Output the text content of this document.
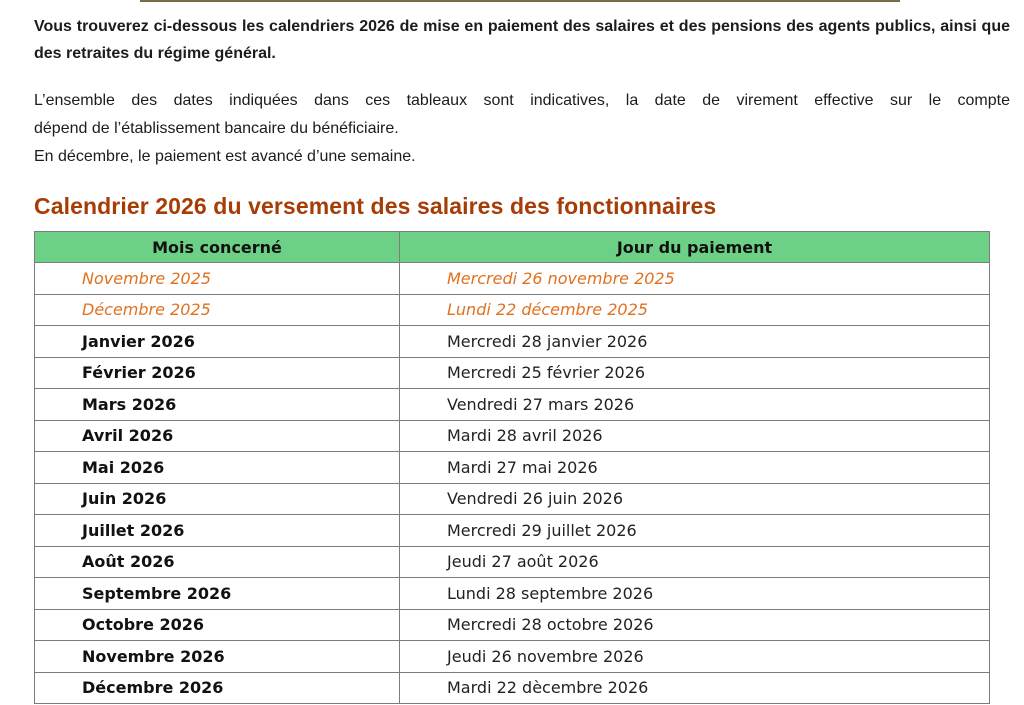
Vous trouverez ci-dessous les calendriers 2026 de mise en paiement des salaires et des pensions des agents publics, ainsi que des retraites du régime général.

L’ensemble des dates indiquées dans ces tableaux sont indicatives, la date de virement effective sur le compte
dépend de l’établissement bancaire du bénéficiaire.
En décembre, le paiement est avancé d’une semaine.
Calendrier 2026 du versement des salaires des fonctionnaires
Mois concerné	Jour du paiement
Novembre 2025	Mercredi 26 novembre 2025
Décembre 2025	Lundi 22 décembre 2025
Janvier 2026	Mercredi 28 janvier 2026
Février 2026	Mercredi 25 février 2026
Mars 2026	Vendredi 27 mars 2026
Avril 2026	Mardi 28 avril 2026
Mai 2026	Mardi 27 mai 2026
Juin 2026	Vendredi 26 juin 2026
Juillet 2026	Mercredi 29 juillet 2026
Août 2026	Jeudi 27 août 2026
Septembre 2026	Lundi 28 septembre 2026
Octobre 2026	Mercredi 28 octobre 2026
Novembre 2026	Jeudi 26 novembre 2026
Décembre 2026	Mardi 22 dècembre 2026
